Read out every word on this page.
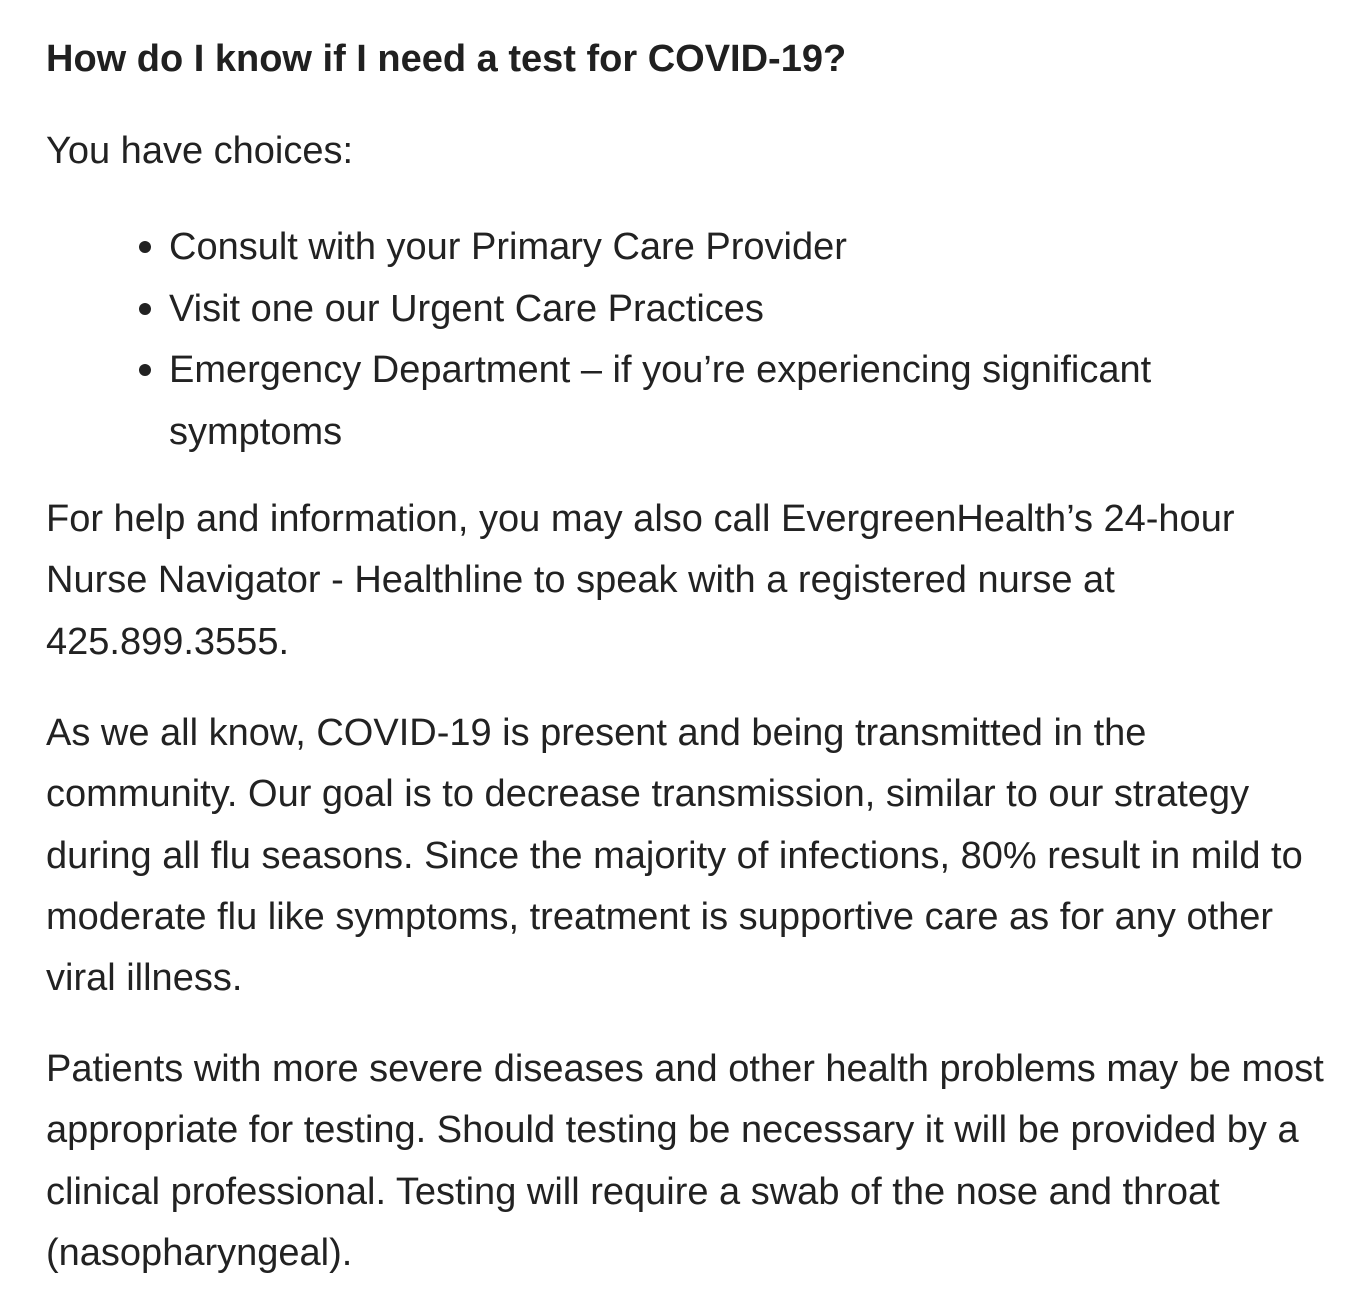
How do I know if I need a test for COVID-19?

You have choices:

Consult with your Primary Care Provider
Visit one our Urgent Care Practices
Emergency Department – if you’re experiencing significant symptoms

For help and information, you may also call EvergreenHealth’s 24-hour Nurse Navigator - Healthline to speak with a registered nurse at 425.899.3555.

As we all know, COVID-19 is present and being transmitted in the community. Our goal is to decrease transmission, similar to our strategy during all flu seasons. Since the majority of infections, 80% result in mild to moderate flu like symptoms, treatment is supportive care as for any other viral illness.

Patients with more severe diseases and other health problems may be most appropriate for testing. Should testing be necessary it will be provided by a clinical professional. Testing will require a swab of the nose and throat (nasopharyngeal).
